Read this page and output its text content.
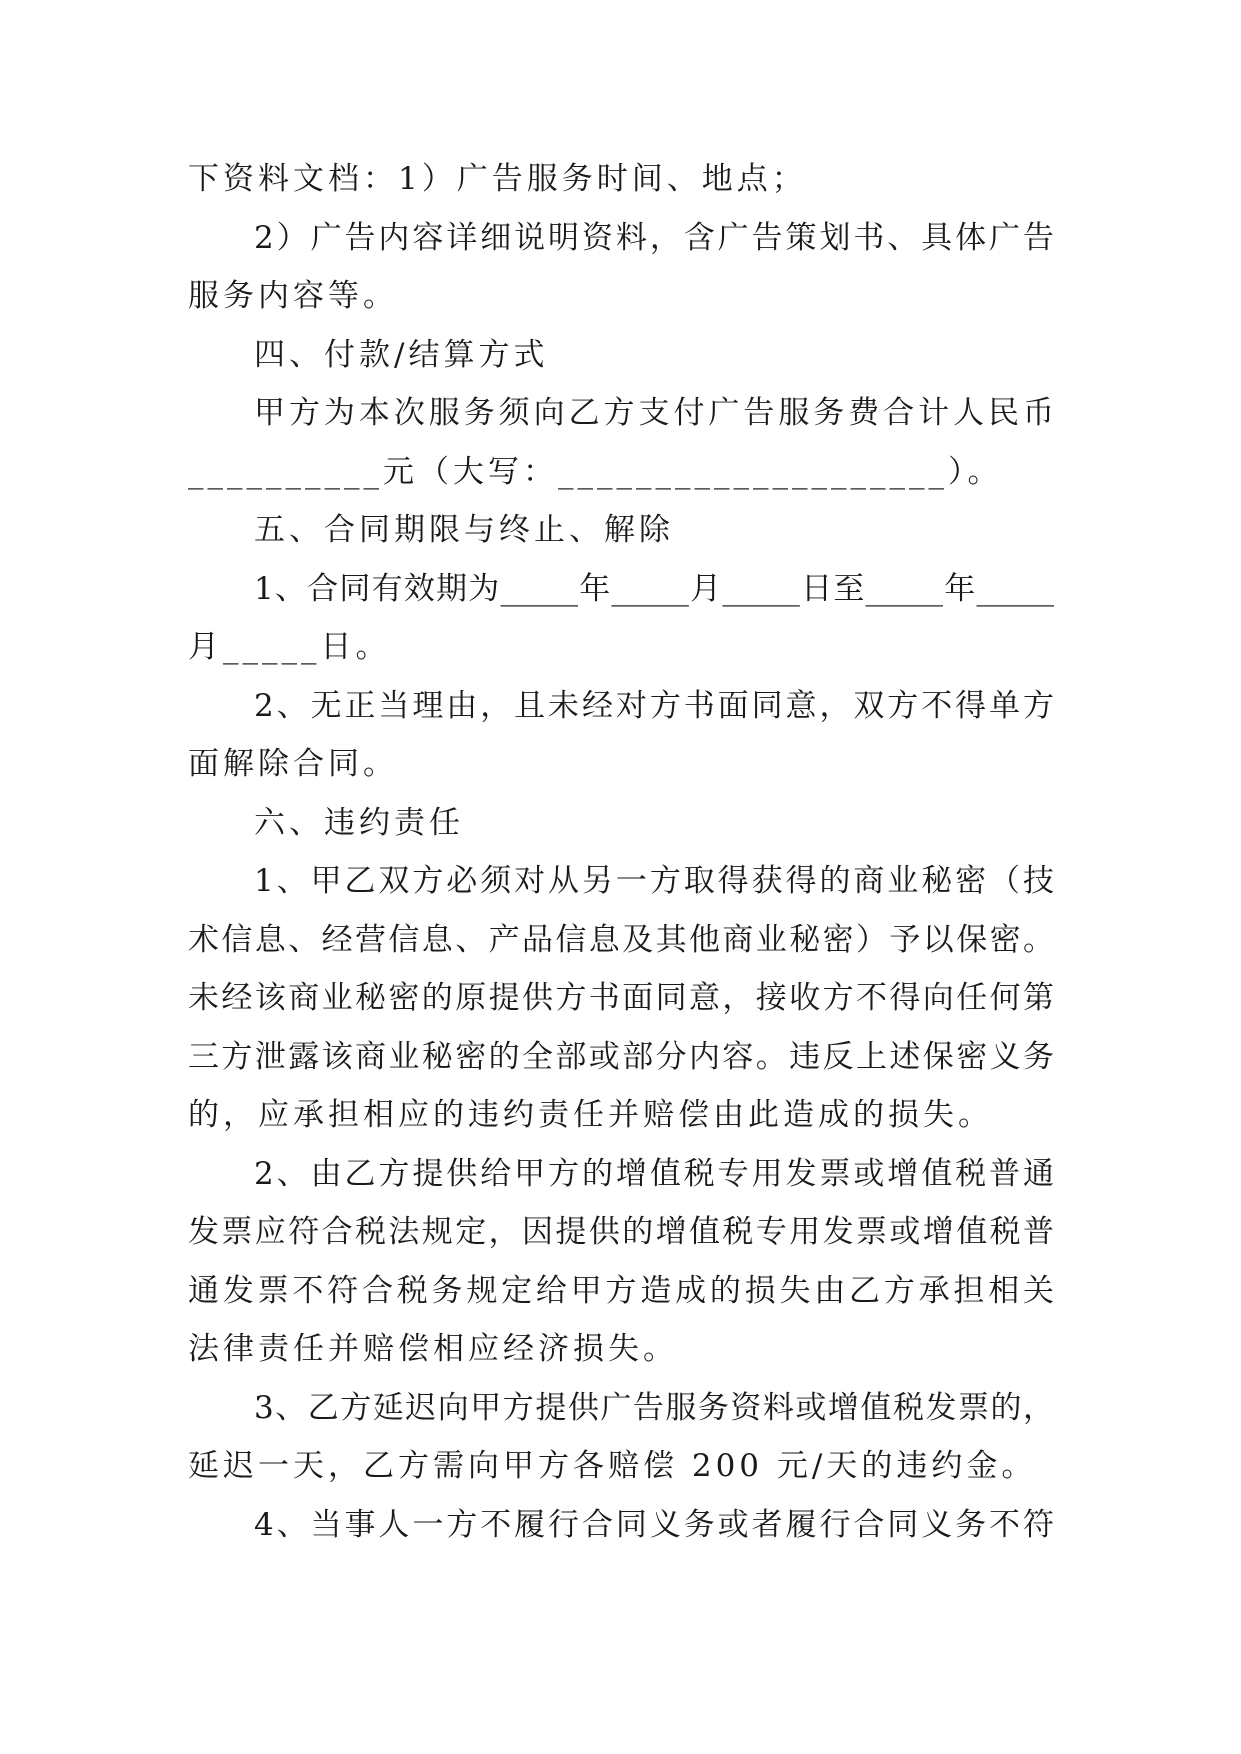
下资料文档：1）广告服务时间、地点；
2）广告内容详细说明资料，含广告策划书、具体广告
服务内容等。
四、付款/结算方式
甲方为本次服务须向乙方支付广告服务费合计人民币
__________元（大写：____________________）。
五、合同期限与终止、解除
1、合同有效期为_____年_____月_____日至_____年_____
月_____日。
2、无正当理由，且未经对方书面同意，双方不得单方
面解除合同。
六、违约责任
1、甲乙双方必须对从另一方取得获得的商业秘密（技
术信息、经营信息、产品信息及其他商业秘密）予以保密。
未经该商业秘密的原提供方书面同意，接收方不得向任何第
三方泄露该商业秘密的全部或部分内容。违反上述保密义务
的，应承担相应的违约责任并赔偿由此造成的损失。
2、由乙方提供给甲方的增值税专用发票或增值税普通
发票应符合税法规定，因提供的增值税专用发票或增值税普
通发票不符合税务规定给甲方造成的损失由乙方承担相关
法律责任并赔偿相应经济损失。
3、乙方延迟向甲方提供广告服务资料或增值税发票的，
延迟一天，乙方需向甲方各赔偿 200 元/天的违约金。
4、当事人一方不履行合同义务或者履行合同义务不符
